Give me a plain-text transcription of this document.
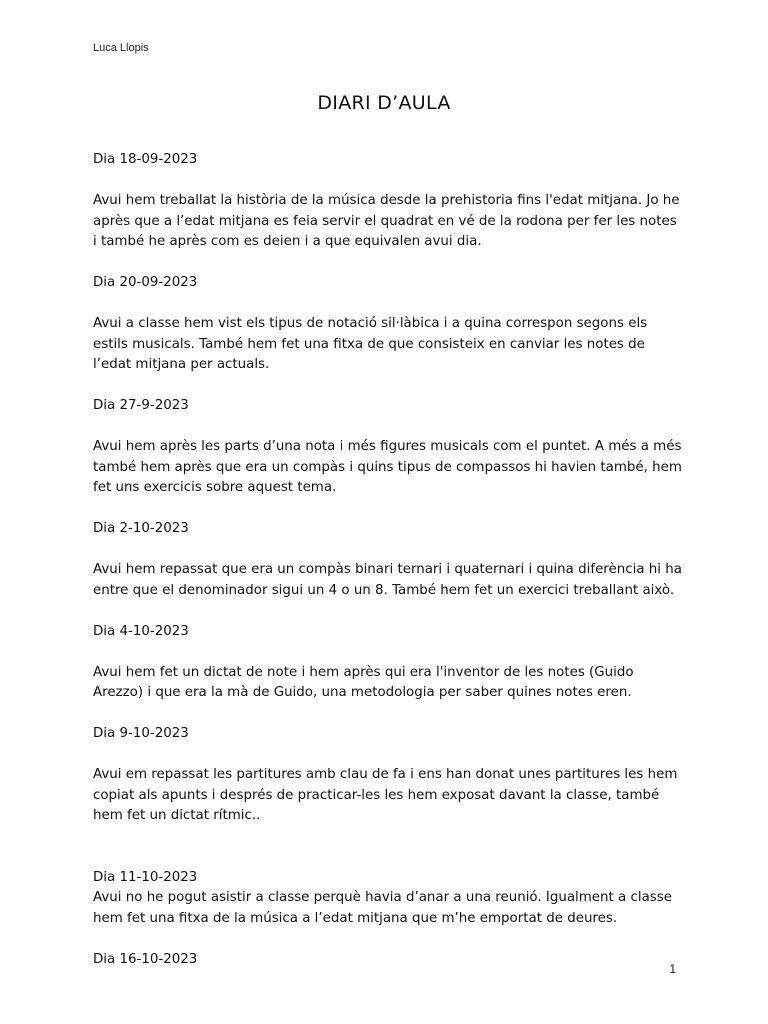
Luca Llopis
DIARI D’AULA

Dia 18-09-2023

Avui hem treballat la història de la música desde la prehistoria fins l'edat mitjana. Jo he après que a l’edat mitjana es feia servir el quadrat en vé de la rodona per fer les notes i també he après com es deien i a que equivalen avui dia.

Dia 20-09-2023

Avui a classe hem vist els tipus de notació sil·làbica i a quina correspon segons els estils musicals. També hem fet una fitxa de que consisteix en canviar les notes de l’edat mitjana per actuals.

Dia 27-9-2023

Avui hem après les parts d’una nota i més figures musicals com el puntet. A més a més també hem après que era un compàs i quins tipus de compassos hi havien també, hem fet uns exercicis sobre aquest tema.

Dia 2-10-2023

Avui hem repassat que era un compàs binari ternari i quaternari i quina diferència hi ha entre que el denominador sigui un 4 o un 8. També hem fet un exercici treballant això.

Dia 4-10-2023

Avui hem fet un dictat de note i hem après qui era l'inventor de les notes (Guido Arezzo) i que era la mà de Guido, una metodologia per saber quines notes eren.

Dia 9-10-2023

Avui em repassat les partitures amb clau de fa i ens han donat unes partitures les hem copiat als apunts i després de practicar-les les hem exposat davant la classe, també hem fet un dictat rítmic..

Dia 11-10-2023

Avui no he pogut asistir a classe perquè havia d’anar a una reunió. Igualment a classe hem fet una fitxa de la música a l’edat mitjana que m’he emportat de deures.

Dia 16-10-2023

1
